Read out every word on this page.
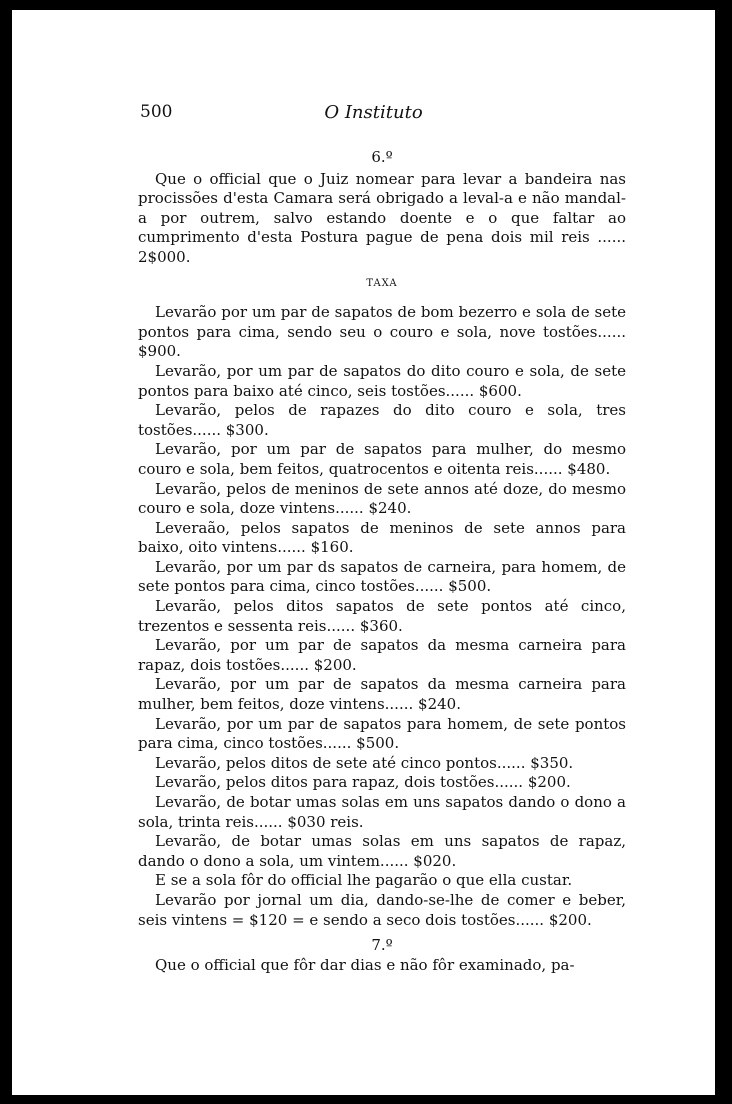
500	O Instituto

6.º

Que o official que o Juiz nomear para levar a bandeira nas procissões d'esta Camara será obrigado a leval-a e não mandal-a por outrem, salvo estando doente e o que faltar ao cumprimento d'esta Postura pague de pena dois mil reis ...... 2$000.

TAXA

Levarão por um par de sapatos de bom bezerro e sola de sete pontos para cima, sendo seu o couro e sola, nove tostões...... $900.

Levarão, por um par de sapatos do dito couro e sola, de sete pontos para baixo até cinco, seis tostões...... $600.

Levarão, pelos de rapazes do dito couro e sola, tres tostões...... $300.

Levarão, por um par de sapatos para mulher, do mesmo couro e sola, bem feitos, quatrocentos e oitenta reis...... $480.

Levarão, pelos de meninos de sete annos até doze, do mesmo couro e sola, doze vintens...... $240.

Leveraão, pelos sapatos de meninos de sete annos para baixo, oito vintens...... $160.

Levarão, por um par ds sapatos de carneira, para homem, de sete pontos para cima, cinco tostões...... $500.

Levarão, pelos ditos sapatos de sete pontos até cinco, trezentos e sessenta reis...... $360.

Levarão, por um par de sapatos da mesma carneira para rapaz, dois tostões...... $200.

Levarão, por um par de sapatos da mesma carneira para mulher, bem feitos, doze vintens...... $240.

Levarão, por um par de sapatos para homem, de sete pontos para cima, cinco tostões...... $500.

Levarão, pelos ditos de sete até cinco pontos...... $350.

Levarão, pelos ditos para rapaz, dois tostões...... $200.

Levarão, de botar umas solas em uns sapatos dando o dono a sola, trinta reis...... $030 reis.

Levarão, de botar umas solas em uns sapatos de rapaz, dando o dono a sola, um vintem...... $020.

E se a sola fôr do official lhe pagarão o que ella custar.

Levarão por jornal um dia, dando-se-lhe de comer e beber, seis vintens = $120 = e sendo a seco dois tostões...... $200.

7.º

Que o official que fôr dar dias e não fôr examinado, pa-
